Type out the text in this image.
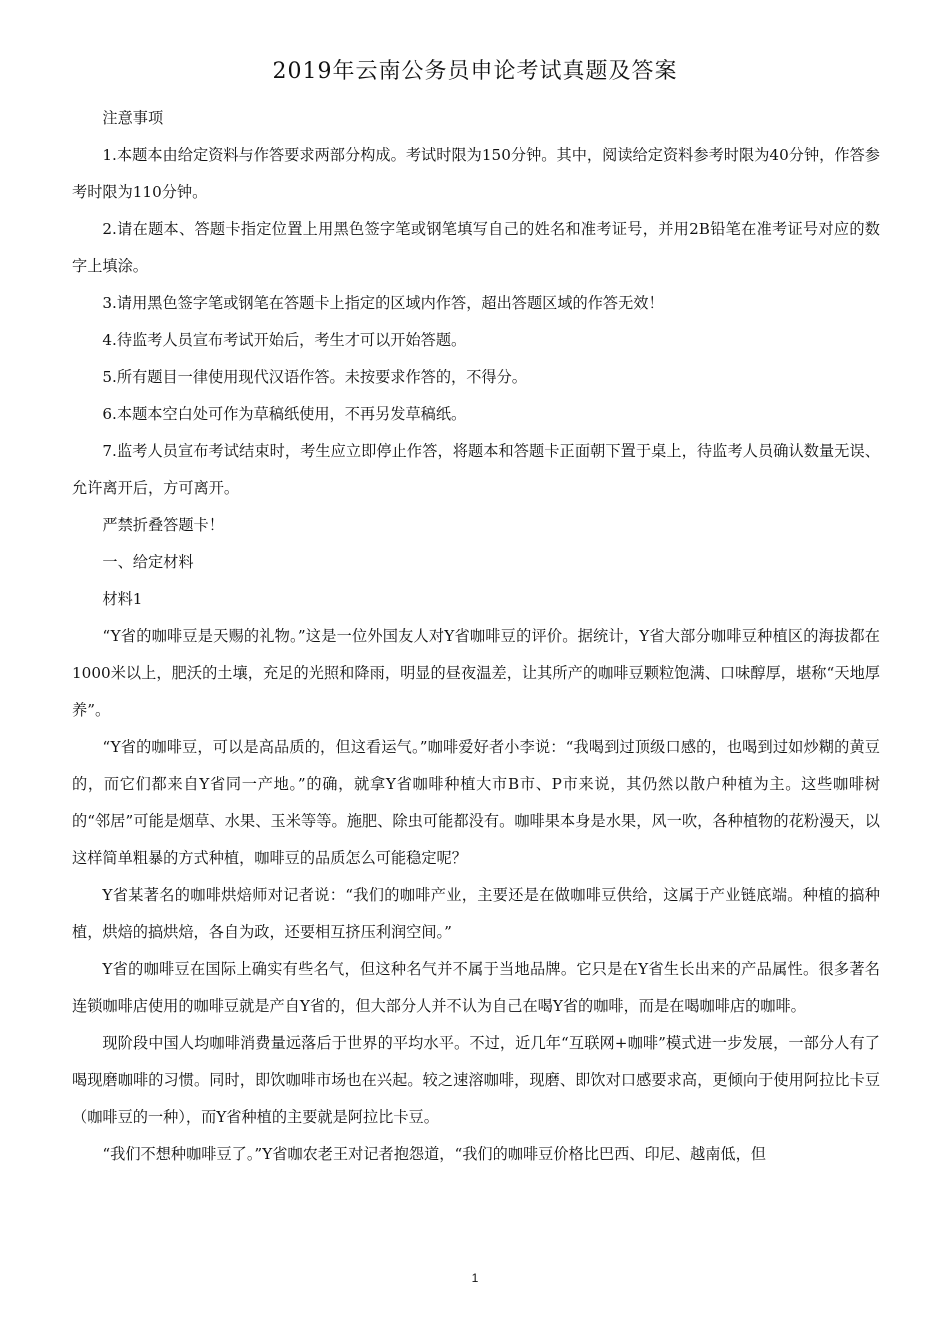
2019年云南公务员申论考试真题及答案

注意事项

1.本题本由给定资料与作答要求两部分构成。考试时限为150分钟。其中，阅读给定资料参考时限为40分钟，作答参考时限为110分钟。

2.请在题本、答题卡指定位置上用黑色签字笔或钢笔填写自己的姓名和准考证号，并用2B铅笔在准考证号对应的数字上填涂。

3.请用黑色签字笔或钢笔在答题卡上指定的区域内作答，超出答题区域的作答无效！

4.待监考人员宣布考试开始后，考生才可以开始答题。

5.所有题目一律使用现代汉语作答。未按要求作答的，不得分。

6.本题本空白处可作为草稿纸使用，不再另发草稿纸。

7.监考人员宣布考试结束时，考生应立即停止作答，将题本和答题卡正面朝下置于桌上，待监考人员确认数量无误、允许离开后，方可离开。

严禁折叠答题卡！

一、给定材料

材料1

“Y省的咖啡豆是天赐的礼物。”这是一位外国友人对Y省咖啡豆的评价。据统计，Y省大部分咖啡豆种植区的海拔都在1000米以上，肥沃的土壤，充足的光照和降雨，明显的昼夜温差，让其所产的咖啡豆颗粒饱满、口味醇厚，堪称“天地厚养”。

“Y省的咖啡豆，可以是高品质的，但这看运气。”咖啡爱好者小李说：“我喝到过顶级口感的，也喝到过如炒糊的黄豆的，而它们都来自Y省同一产地。”的确，就拿Y省咖啡种植大市B市、P市来说，其仍然以散户种植为主。这些咖啡树的“邻居”可能是烟草、水果、玉米等等。施肥、除虫可能都没有。咖啡果本身是水果，风一吹，各种植物的花粉漫天，以这样简单粗暴的方式种植，咖啡豆的品质怎么可能稳定呢？

Y省某著名的咖啡烘焙师对记者说：“我们的咖啡产业，主要还是在做咖啡豆供给，这属于产业链底端。种植的搞种植，烘焙的搞烘焙，各自为政，还要相互挤压利润空间。”

Y省的咖啡豆在国际上确实有些名气，但这种名气并不属于当地品牌。它只是在Y省生长出来的产品属性。很多著名连锁咖啡店使用的咖啡豆就是产自Y省的，但大部分人并不认为自己在喝Y省的咖啡，而是在喝咖啡店的咖啡。

现阶段中国人均咖啡消费量远落后于世界的平均水平。不过，近几年“互联网+咖啡”模式进一步发展，一部分人有了喝现磨咖啡的习惯。同时，即饮咖啡市场也在兴起。较之速溶咖啡，现磨、即饮对口感要求高，更倾向于使用阿拉比卡豆（咖啡豆的一种），而Y省种植的主要就是阿拉比卡豆。

“我们不想种咖啡豆了。”Y省咖农老王对记者抱怨道，“我们的咖啡豆价格比巴西、印尼、越南低，但

1
